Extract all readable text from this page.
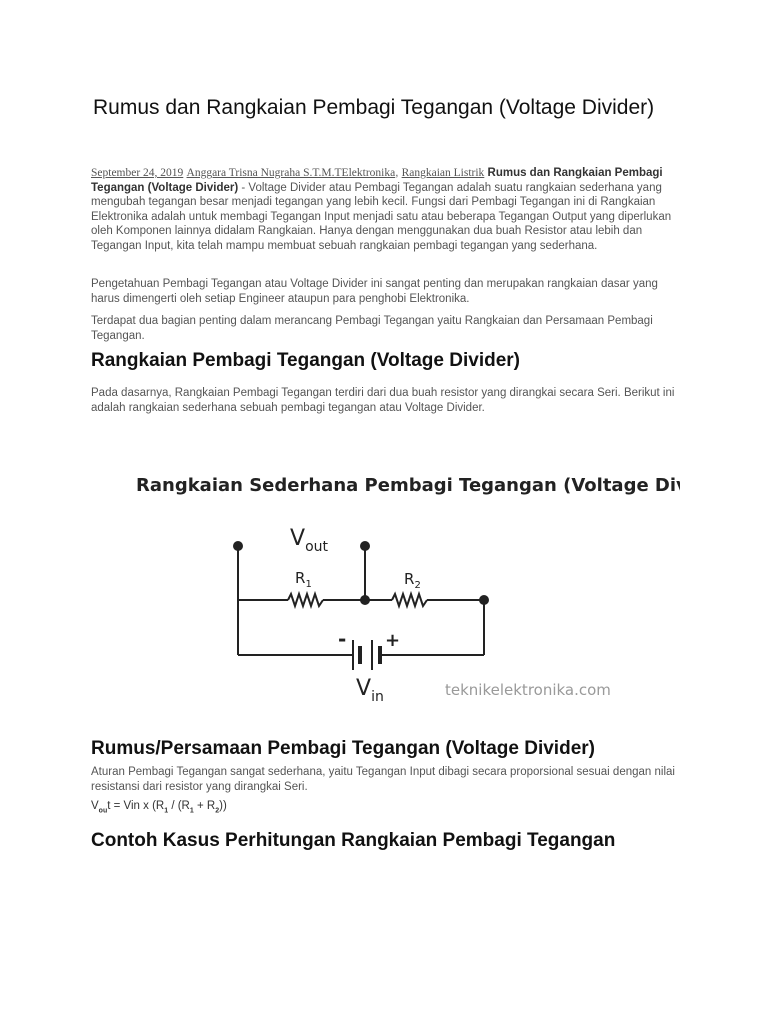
Rumus dan Rangkaian Pembagi Tegangan (Voltage Divider)

September 24, 2019 Anggara Trisna Nugraha S.T.M.TElektronika, Rangkaian Listrik Rumus dan Rangkaian Pembagi Tegangan (Voltage Divider) - Voltage Divider atau Pembagi Tegangan adalah suatu rangkaian sederhana yang mengubah tegangan besar menjadi tegangan yang lebih kecil. Fungsi dari Pembagi Tegangan ini di Rangkaian Elektronika adalah untuk membagi Tegangan Input menjadi satu atau beberapa Tegangan Output yang diperlukan oleh Komponen lainnya didalam Rangkaian. Hanya dengan menggunakan dua buah Resistor atau lebih dan Tegangan Input, kita telah mampu membuat sebuah rangkaian pembagi tegangan yang sederhana.

Pengetahuan Pembagi Tegangan atau Voltage Divider ini sangat penting dan merupakan rangkaian dasar yang harus dimengerti oleh setiap Engineer ataupun para penghobi Elektronika.

Terdapat dua bagian penting dalam merancang Pembagi Tegangan yaitu Rangkaian dan Persamaan Pembagi Tegangan.

Rangkaian Pembagi Tegangan (Voltage Divider)

Pada dasarnya, Rangkaian Pembagi Tegangan terdiri dari dua buah resistor yang dirangkai secara Seri. Berikut ini adalah rangkaian sederhana sebuah pembagi tegangan atau Voltage Divider.

Rangkaian Sederhana Pembagi Tegangan (Voltage Divider)
$V_{out}$
$R_1$	$R_2$
- +
$V_{in}$	teknikelektronika.com
Rumus/Persamaan Pembagi Tegangan (Voltage Divider)

Aturan Pembagi Tegangan sangat sederhana, yaitu Tegangan Input dibagi secara proporsional sesuai dengan nilai resistansi dari resistor yang dirangkai Seri.

$V_{ou}t$ = Vin x $(R_1 / (R_1 + R_2))$

Contoh Kasus Perhitungan Rangkaian Pembagi Tegangan
